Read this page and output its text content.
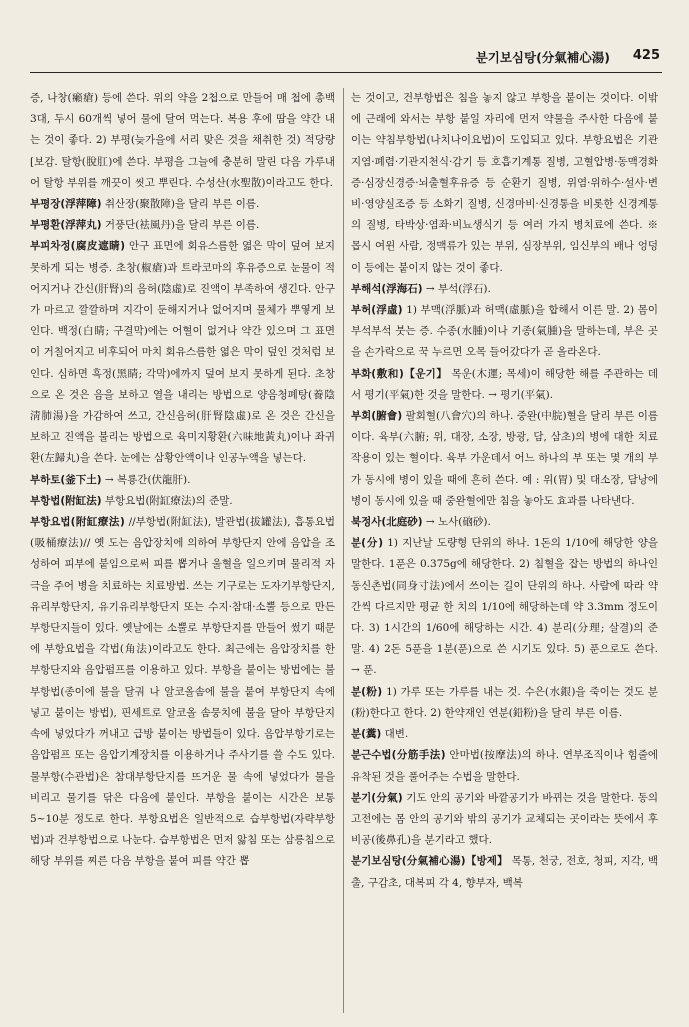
분기보심탕(分氣補心湯) 425

증, 나창(癩瘡) 등에 쓴다. 위의 약을 2첩으로 만들어 매 첩에 총백 3대, 두시 60개씩 넣어 물에 달여 먹는다. 복용 후에 땀을 약간 내는 것이 좋다. 2) 부평(늦가을에 서리 맞은 것을 채취한 것) 적당량 [보감. 탈항(脫肛)에 쓴다. 부평을 그늘에 충분히 말린 다음 가루내어 탈항 부위를 깨끗이 씻고 뿌린다. 수성산(水聖散)이라고도 한다.

부평장(浮萍障) 취산장(聚散障)을 달리 부른 이름.

부평환(浮萍丸) 거풍단(袪風丹)을 달리 부른 이름.

부피차정(腐皮遮睛) 안구 표면에 회유스름한 엷은 막이 덮여 보지 못하게 되는 병증. 초창(椒瘡)과 트라코마의 후유증으로 눈물이 적어지거나 간신(肝腎)의 음허(陰虛)로 진액이 부족하여 생긴다. 안구가 마르고 깔깔하며 지각이 둔해지거나 없어지며 물체가 뿌옇게 보인다. 백정(白睛; 구결막)에는 어혈이 없거나 약간 있으며 그 표면이 거칠어지고 비후되어 마치 회유스름한 엷은 막이 덮인 것처럼 보인다. 심하면 흑정(黑睛; 각막)에까지 덮여 보지 못하게 된다. 초창으로 온 것은 음을 보하고 열을 내리는 방법으로 양음청폐탕(養陰淸肺湯)을 가감하여 쓰고, 간신음허(肝腎陰虛)로 온 것은 간신을 보하고 진액을 불리는 방법으로 육미지황환(六味地黃丸)이나 좌귀환(左歸丸)을 쓴다. 눈에는 삼황안액이나 인공누액을 넣는다.

부하토(釜下土) → 복룡간(伏龍肝).

부항법(附缸法) 부항요법(附缸療法)의 준말.

부항요법(附缸療法) //부항법(附缸法), 발관법(拔罐法), 흡통요법(吸桶療法)// 옛 도는 음압장치에 의하여 부항단지 안에 음압을 조성하여 피부에 붙임으로써 피를 뽑거나 울혈을 일으키며 물리적 자극을 주어 병을 치료하는 치료방법. 쓰는 기구로는 도자기부항단지, 유리부항단지, 유기유리부항단지 또는 수지·참대·소뿔 등으로 만든 부항단지들이 있다. 옛날에는 소뿔로 부항단지를 만들어 썼기 때문에 부항요법을 각법(角法)이라고도 한다. 최근에는 음압장치를 한 부항단지와 음압펌프를 이용하고 있다. 부항을 붙이는 방법에는 불부항법(종이에 불을 달궈 나 알코올솜에 불을 붙여 부항단지 속에 넣고 붙이는 방법), 핀세트로 알코올 솜뭉치에 불을 달아 부항단지 속에 넣었다가 꺼내고 급방 붙이는 방법들이 있다. 음압부항기로는 음압펌프 또는 음압기계장치를 이용하거나 주사기를 쓸 수도 있다. 물부항(수관법)은 참대부항단지를 뜨거운 물 속에 넣었다가 물을 비리고 물기를 닦은 다음에 붙인다. 부항을 붙이는 시간은 보통 5~10분 정도로 한다. 부항요법은 일반적으로 습부항법(자략부항법)과 건부항법으로 나눈다. 습부항법은 먼저 앓침 또는 삼릉침으로 해당 부위를 찌른 다음 부항을 붙여 피를 약간 뽑

는 것이고, 건부항법은 침을 놓지 않고 부항을 붙이는 것이다. 이밖에 근래에 와서는 부항 붙일 자리에 먼저 약물을 주사한 다음에 붙이는 약침부항법(나치나이요법)이 도입되고 있다. 부항요법은 기관지염·폐렴·기관지천식·감기 등 호흡기계통 질병, 고혈압병·동맥경화증·심장신경증·뇌출혈후유증 등 순환기 질병, 위염·위하수·설사·변비·영양실조증 등 소화기 질병, 신경마비·신경통을 비롯한 신경계통의 질병, 타박상·염좌·비뇨생식기 등 여러 가지 병치료에 쓴다. ※ 몹시 여윈 사람, 정맥류가 있는 부위, 심장부위, 임신부의 배나 엉덩이 등에는 붙이지 않는 것이 좋다.

부해석(浮海石) → 부석(浮石).

부허(浮虛) 1) 부맥(浮脈)과 허맥(虛脈)을 합해서 이른 말. 2) 몸이 부석부석 붓는 증. 수종(水腫)이나 기종(氣腫)을 말하는데, 부은 곳을 손가락으로 꾹 누르면 오목 들어갔다가 곧 올라온다.

부화(敷和)【운기】 목운(木運; 목세)이 해당한 해를 주관하는 데서 평기(平氣)한 것을 말한다. → 평기(平氣).

부회(腑會) 팔회혈(八會穴)의 하나. 중완(中脘)혈을 달리 부른 이름이다. 육부(六腑; 위, 대장, 소장, 방광, 담, 삼초)의 병에 대한 치료작용이 있는 혈이다. 육부 가운데서 어느 하나의 부 또는 몇 개의 부가 동시에 병이 있을 때에 흔히 쓴다. 예 : 위(胃) 및 대소장, 담낭에 병이 동시에 있을 때 중완혈에만 침을 놓아도 효과를 나타낸다.

북정사(北庭砂) → 노사(硇砂).

분(分) 1) 지난날 도량형 단위의 하나. 1돈의 1/10에 해당한 양을 말한다. 1푼은 0.375g에 해당한다. 2) 침혈을 잡는 방법의 하나인 동신촌법(同身寸法)에서 쓰이는 길이 단위의 하나. 사람에 따라 약간씩 다르지만 평균 한 치의 1/10에 해당하는데 약 3.3mm 정도이다. 3) 1시간의 1/60에 해당하는 시간. 4) 분리(分理; 살결)의 준말. 4) 2돈 5푼을 1분(푼)으로 쓴 시기도 있다. 5) 푼으로도 쓴다. → 푼.

분(粉) 1) 가루 또는 가루를 내는 것. 수은(水銀)을 죽이는 것도 분(粉)한다고 한다. 2) 한약재인 연분(鉛粉)을 달리 부른 이름.

분(糞) 대변.

분근수법(分筋手法) 안마법(按摩法)의 하나. 연부조직이나 힘줄에 유착된 것을 풀어주는 수법을 말한다.

분기(分氣) 기도 안의 공기와 바깥공기가 바뀌는 것을 말한다. 동의고전에는 몸 안의 공기와 밖의 공기가 교체되는 곳이라는 뜻에서 후비공(後鼻孔)을 분기라고 했다.

분기보심탕(分氣補心湯)【방제】 목통, 천궁, 전호, 청피, 지각, 백출, 구감초, 대복피 각 4, 향부자, 백복
